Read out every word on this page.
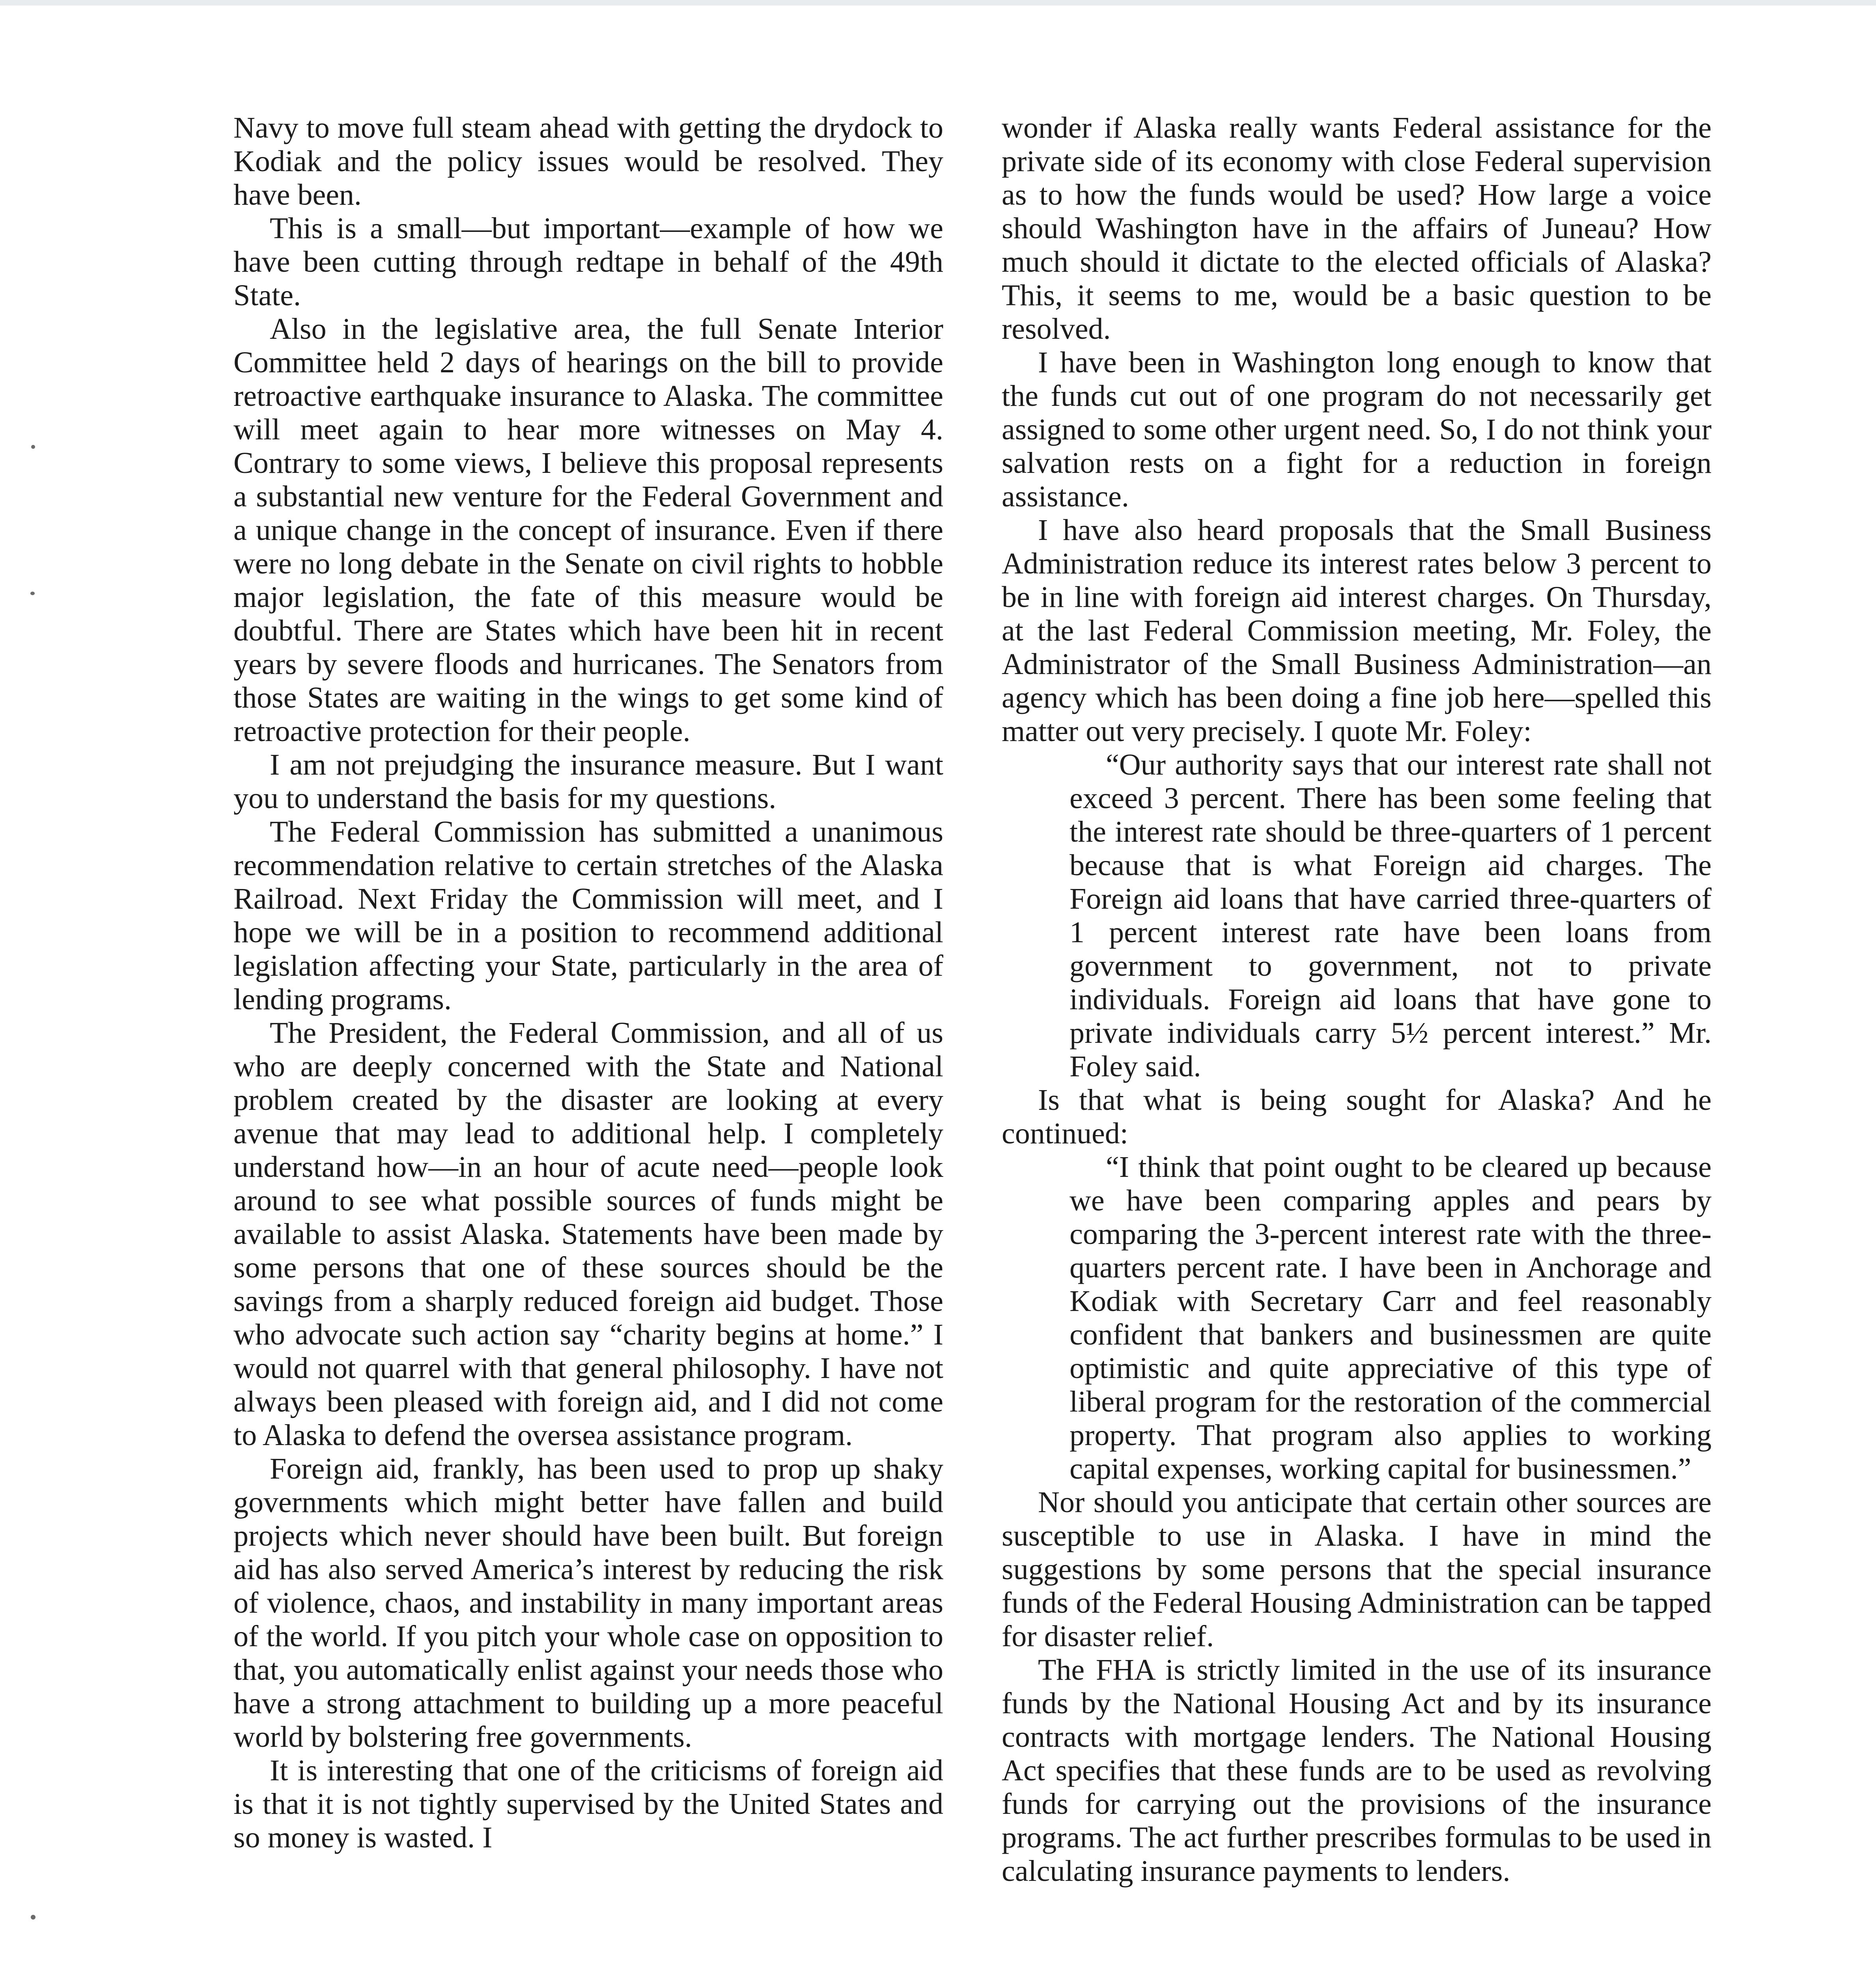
Navy to move full steam ahead with getting the drydock to Kodiak and the policy issues would be resolved. They have been.

This is a small—but important—example of how we have been cutting through redtape in behalf of the 49th State.

Also in the legislative area, the full Senate Interior Committee held 2 days of hearings on the bill to provide retroactive earthquake insurance to Alaska. The committee will meet again to hear more witnesses on May 4. Contrary to some views, I believe this proposal represents a substantial new venture for the Federal Government and a unique change in the concept of insurance. Even if there were no long debate in the Senate on civil rights to hobble major legislation, the fate of this measure would be doubtful. There are States which have been hit in recent years by severe floods and hurricanes. The Senators from those States are waiting in the wings to get some kind of retroactive protection for their people.

I am not prejudging the insurance measure. But I want you to understand the basis for my questions.

The Federal Commission has submitted a unanimous recommendation relative to certain stretches of the Alaska Railroad. Next Friday the Commission will meet, and I hope we will be in a position to recommend additional legislation affecting your State, particularly in the area of lending programs.

The President, the Federal Commission, and all of us who are deeply concerned with the State and National problem created by the disaster are looking at every avenue that may lead to additional help. I completely understand how—in an hour of acute need—people look around to see what possible sources of funds might be available to assist Alaska. Statements have been made by some persons that one of these sources should be the savings from a sharply reduced foreign aid budget. Those who advocate such action say “charity begins at home.” I would not quarrel with that general philosophy. I have not always been pleased with foreign aid, and I did not come to Alaska to defend the oversea assistance program.

Foreign aid, frankly, has been used to prop up shaky governments which might better have fallen and build projects which never should have been built. But foreign aid has also served America’s interest by reducing the risk of violence, chaos, and instability in many important areas of the world. If you pitch your whole case on opposition to that, you automatically enlist against your needs those who have a strong attachment to building up a more peaceful world by bolstering free governments.

It is interesting that one of the criticisms of foreign aid is that it is not tightly supervised by the United States and so money is wasted. I

wonder if Alaska really wants Federal assistance for the private side of its economy with close Federal supervision as to how the funds would be used? How large a voice should Washington have in the affairs of Juneau? How much should it dictate to the elected officials of Alaska? This, it seems to me, would be a basic question to be resolved.

I have been in Washington long enough to know that the funds cut out of one program do not necessarily get assigned to some other urgent need. So, I do not think your salvation rests on a fight for a reduction in foreign assistance.

I have also heard proposals that the Small Business Administration reduce its interest rates below 3 percent to be in line with foreign aid interest charges. On Thursday, at the last Federal Commission meeting, Mr. Foley, the Administrator of the Small Business Administration—an agency which has been doing a fine job here—spelled this matter out very precisely. I quote Mr. Foley:

“Our authority says that our interest rate shall not exceed 3 percent. There has been some feeling that the interest rate should be three-quarters of 1 percent because that is what Foreign aid charges. The Foreign aid loans that have carried three-quarters of 1 percent interest rate have been loans from government to government, not to private individuals. Foreign aid loans that have gone to private individuals carry 5½ percent interest.” Mr. Foley said.

Is that what is being sought for Alaska? And he continued:

“I think that point ought to be cleared up because we have been comparing apples and pears by comparing the 3-percent interest rate with the three-quarters percent rate. I have been in Anchorage and Kodiak with Secretary Carr and feel reasonably confident that bankers and businessmen are quite optimistic and quite appreciative of this type of liberal program for the restoration of the commercial property. That program also applies to working capital expenses, working capital for businessmen.”

Nor should you anticipate that certain other sources are susceptible to use in Alaska. I have in mind the suggestions by some persons that the special insurance funds of the Federal Housing Administration can be tapped for disaster relief.

The FHA is strictly limited in the use of its insurance funds by the National Housing Act and by its insurance contracts with mortgage lenders. The National Housing Act specifies that these funds are to be used as revolving funds for carrying out the provisions of the insurance programs. The act further prescribes formulas to be used in calculating insurance payments to lenders.
